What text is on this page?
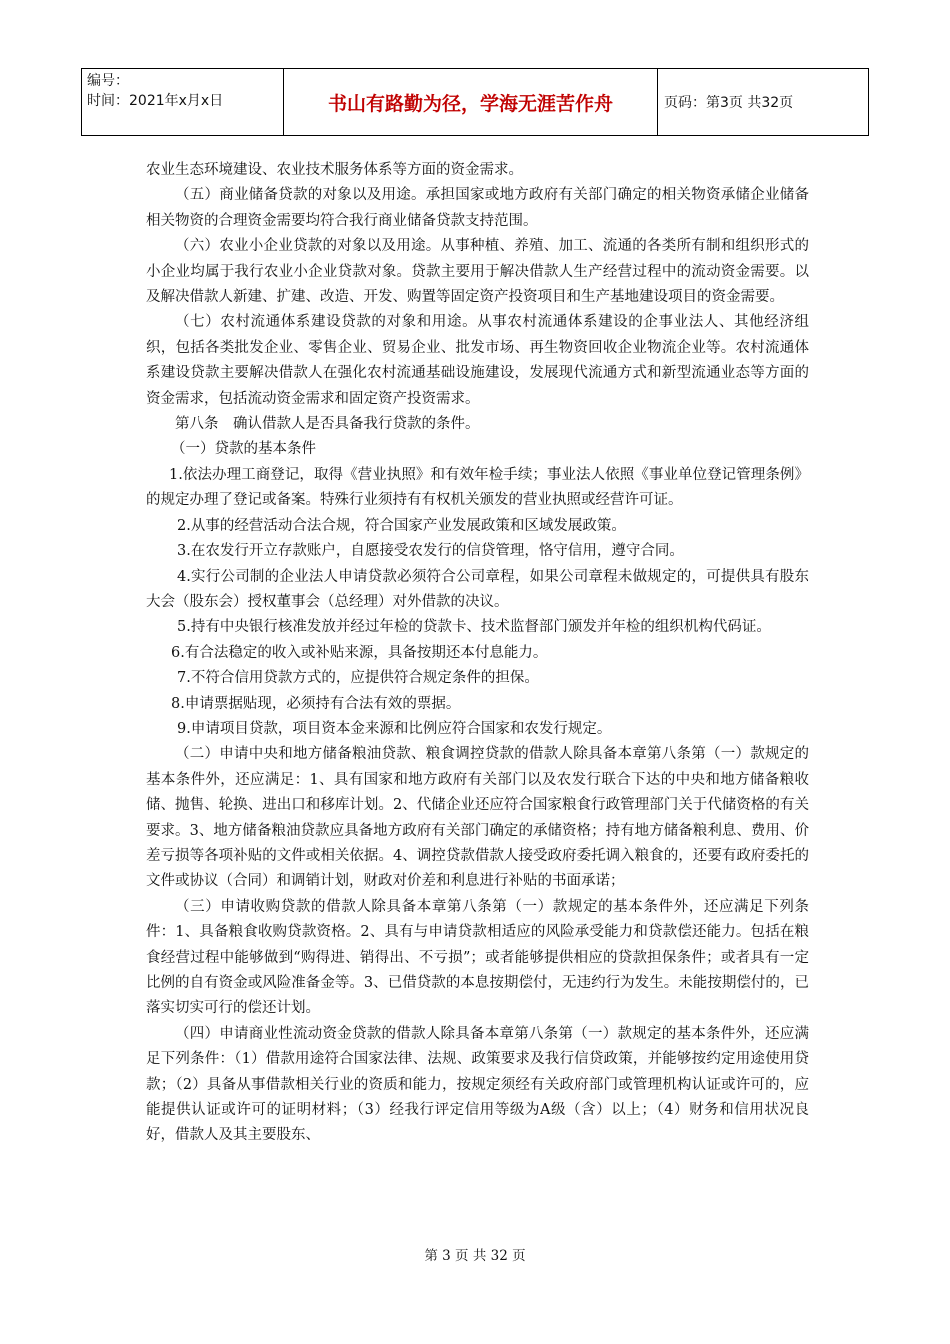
编号：
时间：2021年x月x日	书山有路勤为径，学海无涯苦作舟	页码：第3页 共32页

农业生态环境建设、农业技术服务体系等方面的资金需求。

（五）商业储备贷款的对象以及用途。承担国家或地方政府有关部门确定的相关物资承储企业储备相关物资的合理资金需要均符合我行商业储备贷款支持范围。

（六）农业小企业贷款的对象以及用途。从事种植、养殖、加工、流通的各类所有制和组织形式的小企业均属于我行农业小企业贷款对象。贷款主要用于解决借款人生产经营过程中的流动资金需要。以及解决借款人新建、扩建、改造、开发、购置等固定资产投资项目和生产基地建设项目的资金需要。

（七）农村流通体系建设贷款的对象和用途。从事农村流通体系建设的企事业法人、其他经济组织，包括各类批发企业、零售企业、贸易企业、批发市场、再生物资回收企业物流企业等。农村流通体系建设贷款主要解决借款人在强化农村流通基础设施建设，发展现代流通方式和新型流通业态等方面的资金需求，包括流动资金需求和固定资产投资需求。

第八条　确认借款人是否具备我行贷款的条件。

（一）贷款的基本条件

1.依法办理工商登记，取得《营业执照》和有效年检手续；事业法人依照《事业单位登记管理条例》的规定办理了登记或备案。特殊行业须持有有权机关颁发的营业执照或经营许可证。

2.从事的经营活动合法合规，符合国家产业发展政策和区域发展政策。

3.在农发行开立存款账户，自愿接受农发行的信贷管理，恪守信用，遵守合同。

4.实行公司制的企业法人申请贷款必须符合公司章程，如果公司章程未做规定的，可提供具有股东大会（股东会）授权董事会（总经理）对外借款的决议。

5.持有中央银行核准发放并经过年检的贷款卡、技术监督部门颁发并年检的组织机构代码证。

6.有合法稳定的收入或补贴来源，具备按期还本付息能力。

7.不符合信用贷款方式的，应提供符合规定条件的担保。

8.申请票据贴现，必须持有合法有效的票据。

9.申请项目贷款，项目资本金来源和比例应符合国家和农发行规定。

（二）申请中央和地方储备粮油贷款、粮食调控贷款的借款人除具备本章第八条第（一）款规定的基本条件外，还应满足：1、具有国家和地方政府有关部门以及农发行联合下达的中央和地方储备粮收储、抛售、轮换、进出口和移库计划。2、代储企业还应符合国家粮食行政管理部门关于代储资格的有关要求。3、地方储备粮油贷款应具备地方政府有关部门确定的承储资格；持有地方储备粮利息、费用、价差亏损等各项补贴的文件或相关依据。4、调控贷款借款人接受政府委托调入粮食的，还要有政府委托的文件或协议（合同）和调销计划，财政对价差和利息进行补贴的书面承诺；

（三）申请收购贷款的借款人除具备本章第八条第（一）款规定的基本条件外，还应满足下列条件：1、具备粮食收购贷款资格。2、具有与申请贷款相适应的风险承受能力和贷款偿还能力。包括在粮食经营过程中能够做到“购得进、销得出、不亏损”；或者能够提供相应的贷款担保条件；或者具有一定比例的自有资金或风险准备金等。3、已借贷款的本息按期偿付，无违约行为发生。未能按期偿付的，已落实切实可行的偿还计划。

（四）申请商业性流动资金贷款的借款人除具备本章第八条第（一）款规定的基本条件外，还应满足下列条件：（1）借款用途符合国家法律、法规、政策要求及我行信贷政策，并能够按约定用途使用贷款；（2）具备从事借款相关行业的资质和能力，按规定须经有关政府部门或管理机构认证或许可的，应能提供认证或许可的证明材料；（3）经我行评定信用等级为A级（含）以上；（4）财务和信用状况良好，借款人及其主要股东、

第 3 页 共 32 页
